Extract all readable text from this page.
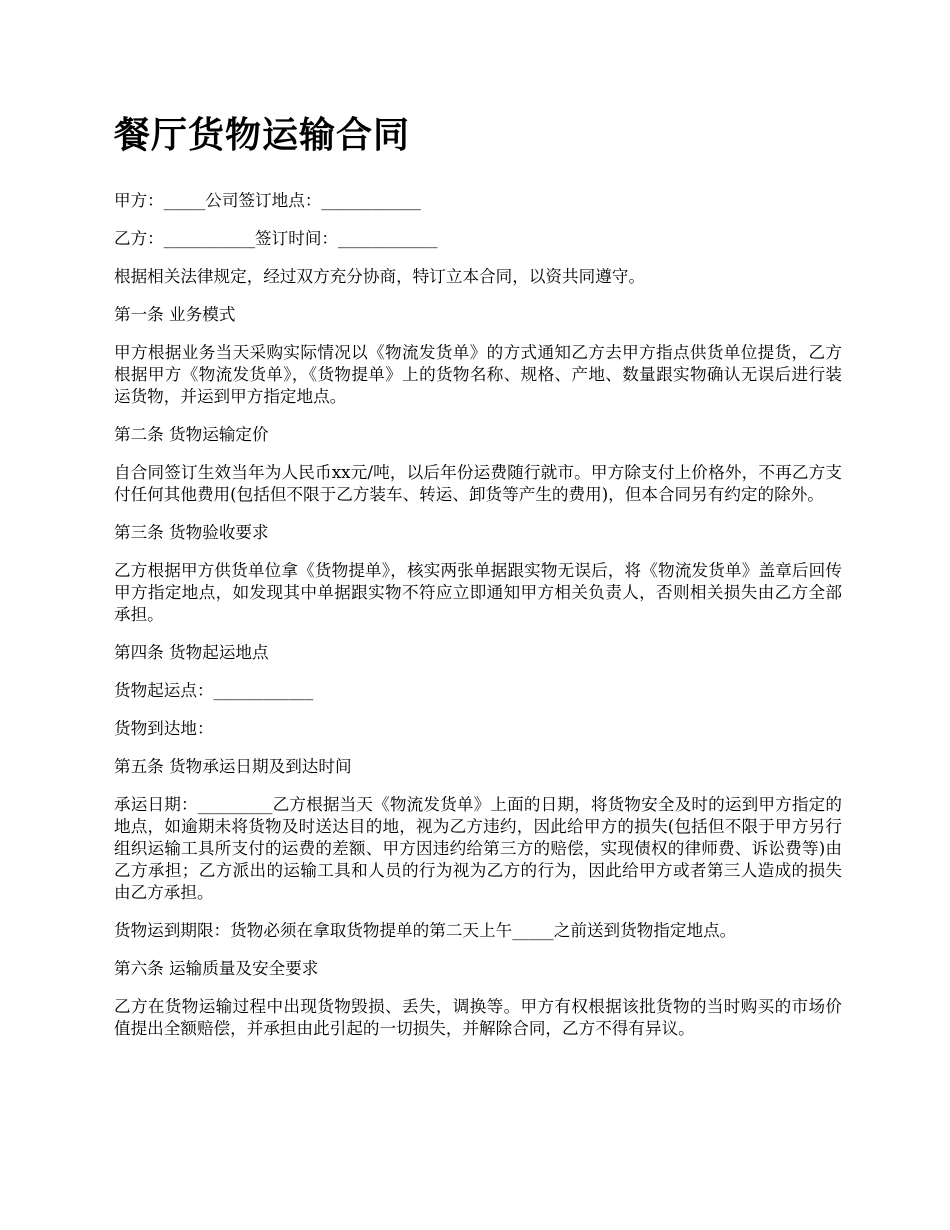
餐厅货物运输合同

甲方：_____公司签订地点：____________

乙方：___________签订时间：____________

根据相关法律规定，经过双方充分协商，特订立本合同，以资共同遵守。

第一条 业务模式

甲方根据业务当天采购实际情况以《物流发货单》的方式通知乙方去甲方指点供货单位提货，乙方根据甲方《物流发货单》，《货物提单》上的货物名称、规格、产地、数量跟实物确认无误后进行装运货物，并运到甲方指定地点。

第二条 货物运输定价

自合同签订生效当年为人民币xx元/吨，以后年份运费随行就市。甲方除支付上价格外，不再乙方支付任何其他费用(包括但不限于乙方装车、转运、卸货等产生的费用)，但本合同另有约定的除外。

第三条 货物验收要求

乙方根据甲方供货单位拿《货物提单》，核实两张单据跟实物无误后，将《物流发货单》盖章后回传甲方指定地点，如发现其中单据跟实物不符应立即通知甲方相关负责人，否则相关损失由乙方全部承担。

第四条 货物起运地点

货物起运点：____________

货物到达地：

第五条 货物承运日期及到达时间

承运日期：_________乙方根据当天《物流发货单》上面的日期，将货物安全及时的运到甲方指定的地点，如逾期未将货物及时送达目的地，视为乙方违约，因此给甲方的损失(包括但不限于甲方另行组织运输工具所支付的运费的差额、甲方因违约给第三方的赔偿，实现债权的律师费、诉讼费等)由乙方承担；乙方派出的运输工具和人员的行为视为乙方的行为，因此给甲方或者第三人造成的损失由乙方承担。

货物运到期限：货物必须在拿取货物提单的第二天上午_____之前送到货物指定地点。

第六条 运输质量及安全要求

乙方在货物运输过程中出现货物毁损、丢失，调换等。甲方有权根据该批货物的当时购买的市场价值提出全额赔偿，并承担由此引起的一切损失，并解除合同，乙方不得有异议。
